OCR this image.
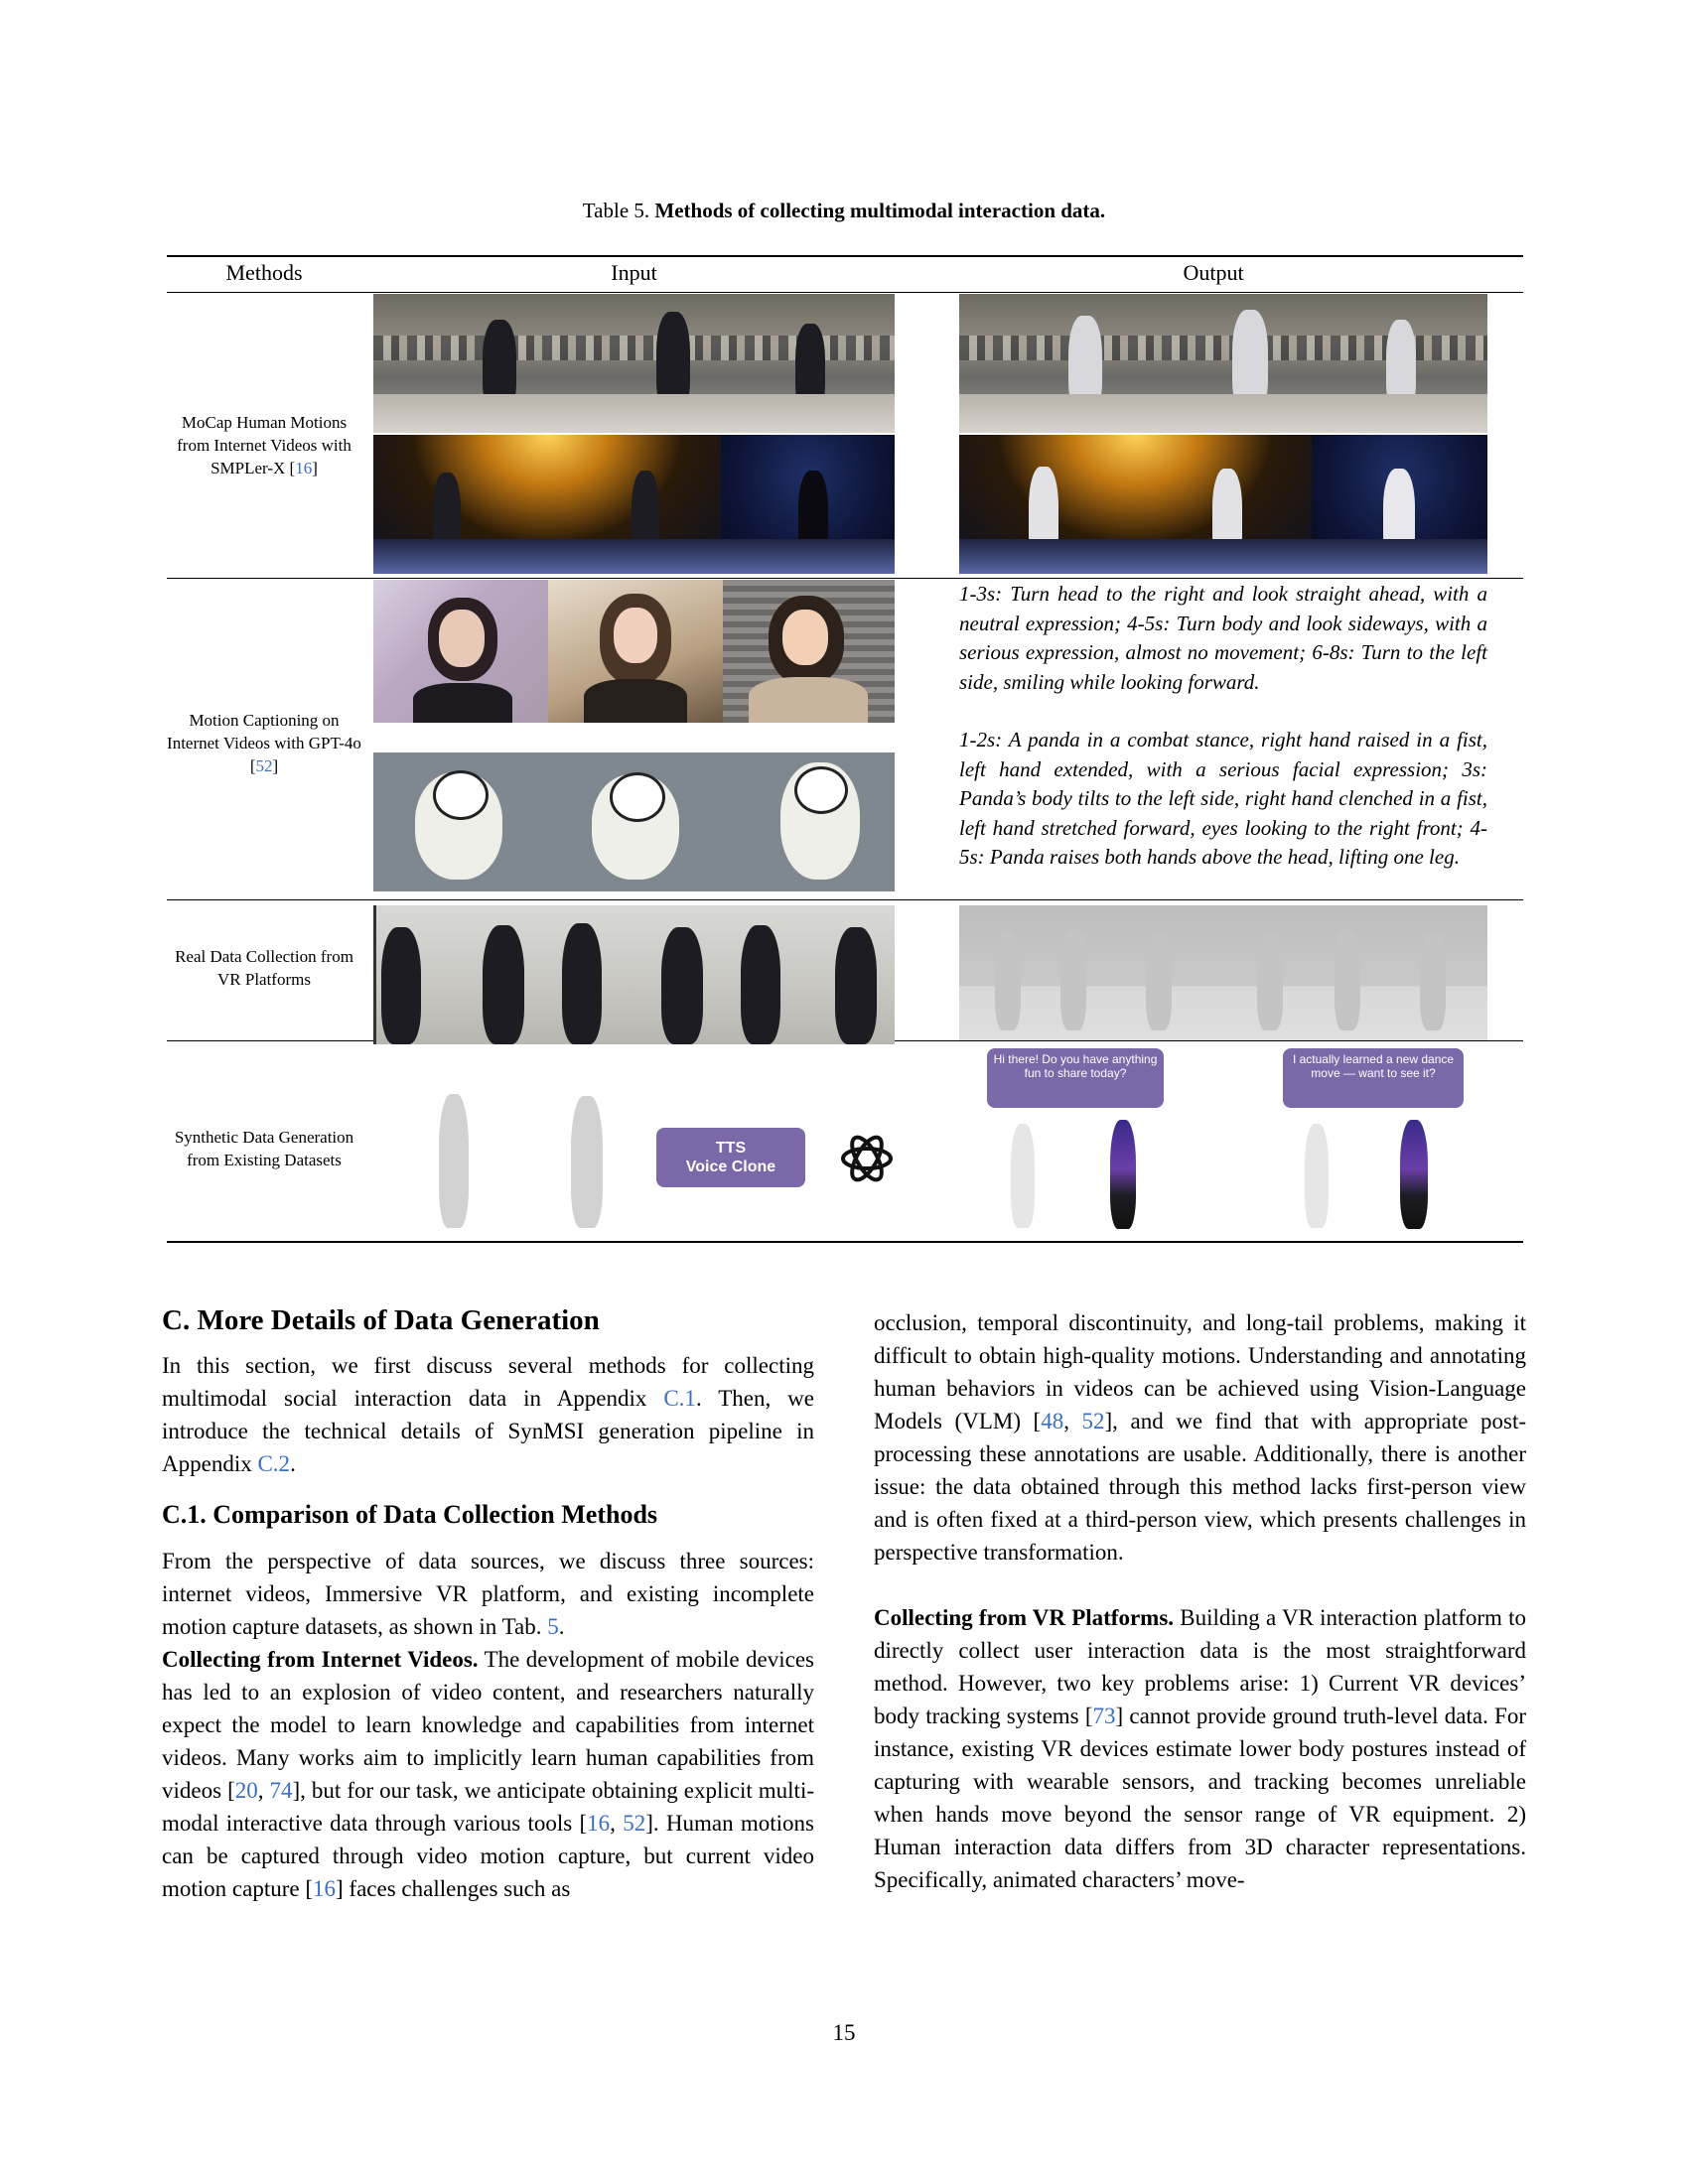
Table 5. Methods of collecting multimodal interaction data.
Methods	Input	Output
MoCap Human Motions from Internet Videos with SMPLer-X [16]
Motion Captioning on Internet Videos with GPT-4o [52]
1-3s: Turn head to the right and look straight ahead, with a neutral expression; 4-5s: Turn body and look sideways, with a serious expression, almost no movement; 6-8s: Turn to the left side, smiling while looking forward.
1-2s: A panda in a combat stance, right hand raised in a fist, left hand extended, with a serious facial expression; 3s: Panda’s body tilts to the left side, right hand clenched in a fist, left hand stretched forward, eyes looking to the right front; 4-5s: Panda raises both hands above the head, lifting one leg.
Real Data Collection from VR Platforms
Synthetic Data Generation from Existing Datasets
TTS
Voice Clone
Hi there! Do you have anything fun to share today?
I actually learned a new dance move — want to see it?

C. More Details of Data Generation

In this section, we first discuss several methods for collecting multimodal social interaction data in Appendix C.1. Then, we introduce the technical details of SynMSI generation pipeline in Appendix C.2.

C.1. Comparison of Data Collection Methods

From the perspective of data sources, we discuss three sources: internet videos, Immersive VR platform, and existing incomplete motion capture datasets, as shown in Tab. 5.

Collecting from Internet Videos. The development of mobile devices has led to an explosion of video content, and researchers naturally expect the model to learn knowledge and capabilities from internet videos. Many works aim to implicitly learn human capabilities from videos [20, 74], but for our task, we anticipate obtaining explicit multi-modal interactive data through various tools [16, 52]. Human motions can be captured through video motion capture, but current video motion capture [16] faces challenges such as

occlusion, temporal discontinuity, and long-tail problems, making it difficult to obtain high-quality motions. Understanding and annotating human behaviors in videos can be achieved using Vision-Language Models (VLM) [48, 52], and we find that with appropriate post-processing these annotations are usable. Additionally, there is another issue: the data obtained through this method lacks first-person view and is often fixed at a third-person view, which presents challenges in perspective transformation.

Collecting from VR Platforms. Building a VR interaction platform to directly collect user interaction data is the most straightforward method. However, two key problems arise: 1) Current VR devices’ body tracking systems [73] cannot provide ground truth-level data. For instance, existing VR devices estimate lower body postures instead of capturing with wearable sensors, and tracking becomes unreliable when hands move beyond the sensor range of VR equipment. 2) Human interaction data differs from 3D character representations. Specifically, animated characters’ move-

15
